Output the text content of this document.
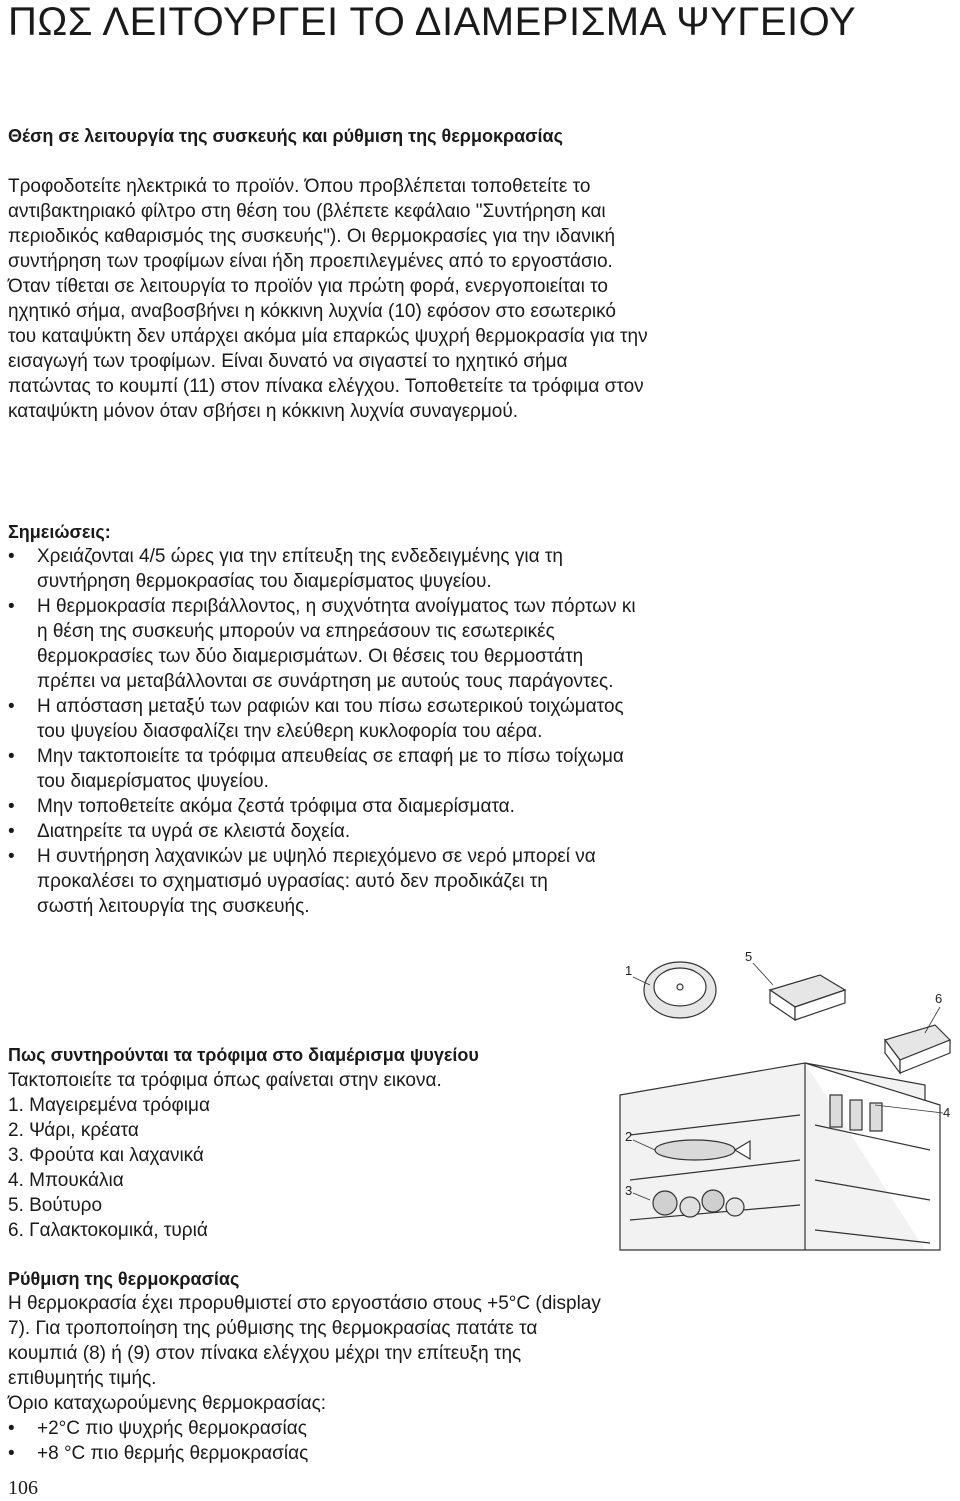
ΠΩΣ ΛΕΙΤΟΥΡΓΕΙ ΤΟ ΔΙΑΜΕΡΙΣΜΑ ΨΥΓΕΙΟΥ
Θέση σε λειτουργία της συσκευής και ρύθμιση της θερμοκρασίας

Τροφοδοτείτε ηλεκτρικά το προϊόν. Όπου προβλέπεται τοποθετείτε το αντιβακτηριακό φίλτρο στη θέση του (βλέπετε κεφάλαιο "Συντήρηση και περιοδικός καθαρισμός της συσκευής"). Οι θερμοκρασίες για την ιδανική συντήρηση των τροφίμων είναι ήδη προεπιλεγμένες από το εργοστάσιο. Όταν τίθεται σε λειτουργία το προϊόν για πρώτη φορά, ενεργοποιείται το ηχητικό σήμα, αναβοσβήνει η κόκκινη λυχνία (10) εφόσον στο εσωτερικό του καταψύκτη δεν υπάρχει ακόμα μία επαρκώς ψυχρή θερμοκρασία για την εισαγωγή των τροφίμων. Είναι δυνατό να σιγαστεί το ηχητικό σήμα πατώντας το κουμπί (11) στον πίνακα ελέγχου. Τοποθετείτε τα τρόφιμα στον καταψύκτη μόνον όταν σβήσει η κόκκινη λυχνία συναγερμού.

Σημειώσεις:
•	Χρειάζονται 4/5 ώρες για την επίτευξη της ενδεδειγμένης για τη συντήρηση θερμοκρασίας του διαμερίσματος ψυγείου.
•	Η θερμοκρασία περιβάλλοντος, η συχνότητα ανοίγματος των πόρτων κι η θέση της συσκευής μπορούν να επηρεάσουν τις εσωτερικές θερμοκρασίες των δύο διαμερισμάτων. Οι θέσεις του θερμοστάτη πρέπει να μεταβάλλονται σε συνάρτηση με αυτούς τους παράγοντες.
•	Η απόσταση μεταξύ των ραφιών και του πίσω εσωτερικού τοιχώματος του ψυγείου διασφαλίζει την ελεύθερη κυκλοφορία του αέρα.
•	Μην τακτοποιείτε τα τρόφιμα απευθείας σε επαφή με το πίσω τοίχωμα του διαμερίσματος ψυγείου.
•	Μην τοποθετείτε ακόμα ζεστά τρόφιμα στα διαμερίσματα.
•	Διατηρείτε τα υγρά σε κλειστά δοχεία.
•	Η συντήρηση λαχανικών με υψηλό περιεχόμενο σε νερό μπορεί να προκαλέσει το σχηματισμό υγρασίας: αυτό δεν προδικάζει τη σωστή λειτουργία της συσκευής.
Πως συντηρούνται τα τρόφιμα στο διαμέρισμα ψυγείου

Τακτοποιείτε τα τρόφιμα όπως φαίνεται στην εικονα.

1. Μαγειρεμένα τρόφιμα
2. Ψάρι, κρέατα
3. Φρούτα και λαχανικά
4. Μπουκάλια
5. Βούτυρο
6. Γαλακτοκομικά, τυριά
1
2
3
4
5
6
Ρύθμιση της θερμοκρασίας

Η θερμοκρασία έχει προρυθμιστεί στο εργοστάσιο στους +5°C (display 7). Για τροποποίηση της ρύθμισης της θερμοκρασίας πατάτε τα κουμπιά (8) ή (9) στον πίνακα ελέγχου μέχρι την επίτευξη της επιθυμητής τιμής.

Όριο καταχωρούμενης θερμοκρασίας:

•	+2°C πιο ψυχρής θερμοκρασίας
•	+8 °C πιο θερμής θερμοκρασίας
106
